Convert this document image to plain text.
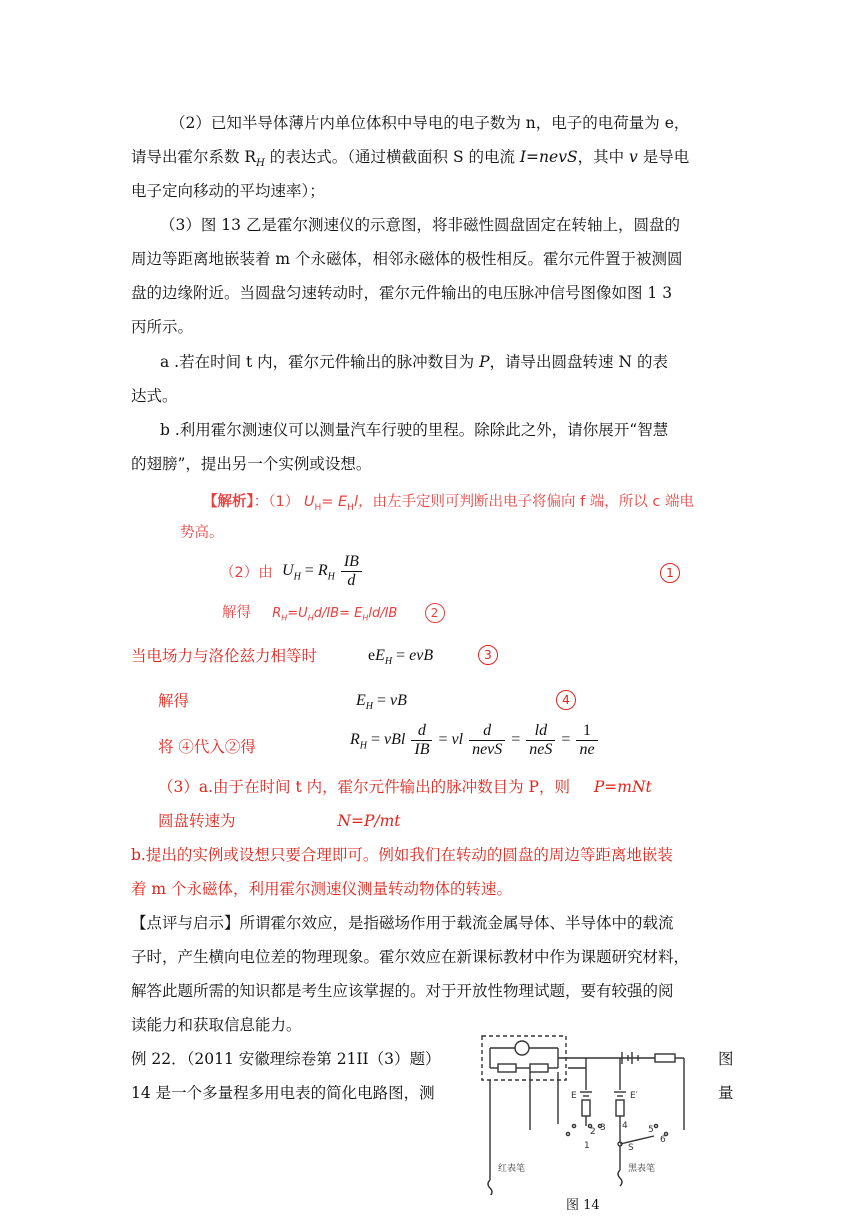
（2）已知半导体薄片内单位体积中导电的电子数为 n，电子的电荷量为 e，
请导出霍尔系数 $R_H$ 的表达式。（通过横截面积 S 的电流 I=nevS，其中 v 是导电
电子定向移动的平均速率）；
（3）图 13 乙是霍尔测速仪的示意图，将非磁性圆盘固定在转轴上，圆盘的
周边等距离地嵌装着 m 个永磁体，相邻永磁体的极性相反。霍尔元件置于被测圆
盘的边缘附近。当圆盘匀速转动时，霍尔元件输出的电压脉冲信号图像如图 1 3
丙所示。
a .若在时间 t 内，霍尔元件输出的脉冲数目为 P，请导出圆盘转速 N 的表
达式。
b .利用霍尔测速仪可以测量汽车行驶的里程。除除此之外，请你展开“智慧
的翅膀”，提出另一个实例或设想。
【解析】：（1） $U_H= E_Hl$，由左手定则可判断出电子将偏向 f 端，所以 c 端电
势高。
（2）由 $U_H = R_H \frac{IB}{d}$	1
解得 $R_H=U_Hd/IB= E_Hld/IB$	2
当电场力与洛伦兹力相等时	$eE_H$ = evB	3
解得	$E_H$ = vB	4
将 ④代入②得	$R_H$ = vBl $\frac{d}{IB}$ = vl $\frac{d}{\text{nevS}} = \frac{ld}{\text{neS}} = \frac{1}{ne}$
（3）a.由于在时间 t 内，霍尔元件输出的脉冲数目为 P，则 P=mNt
圆盘转速为	N=P/mt
b.提出的实例或设想只要合理即可。例如我们在转动的圆盘的周边等距离地嵌装
着 m 个永磁体，利用霍尔测速仪测量转动物体的转速。
【点评与启示】所谓霍尔效应，是指磁场作用于载流金属导体、半导体中的载流
子时，产生横向电位差的物理现象。霍尔效应在新课标教材中作为课题研究材料，
解答此题所需的知识都是考生应该掌握的。对于开放性物理试题，要有较强的阅
读能力和获取信息能力。
例 22．（2011 安徽理综卷第 21II（3）题）	图
14 是一个多量程多用电表的简化电路图，测	量
E	E′
S
1
2 3 4 5
6
红表笔	黑表笔
图 14
